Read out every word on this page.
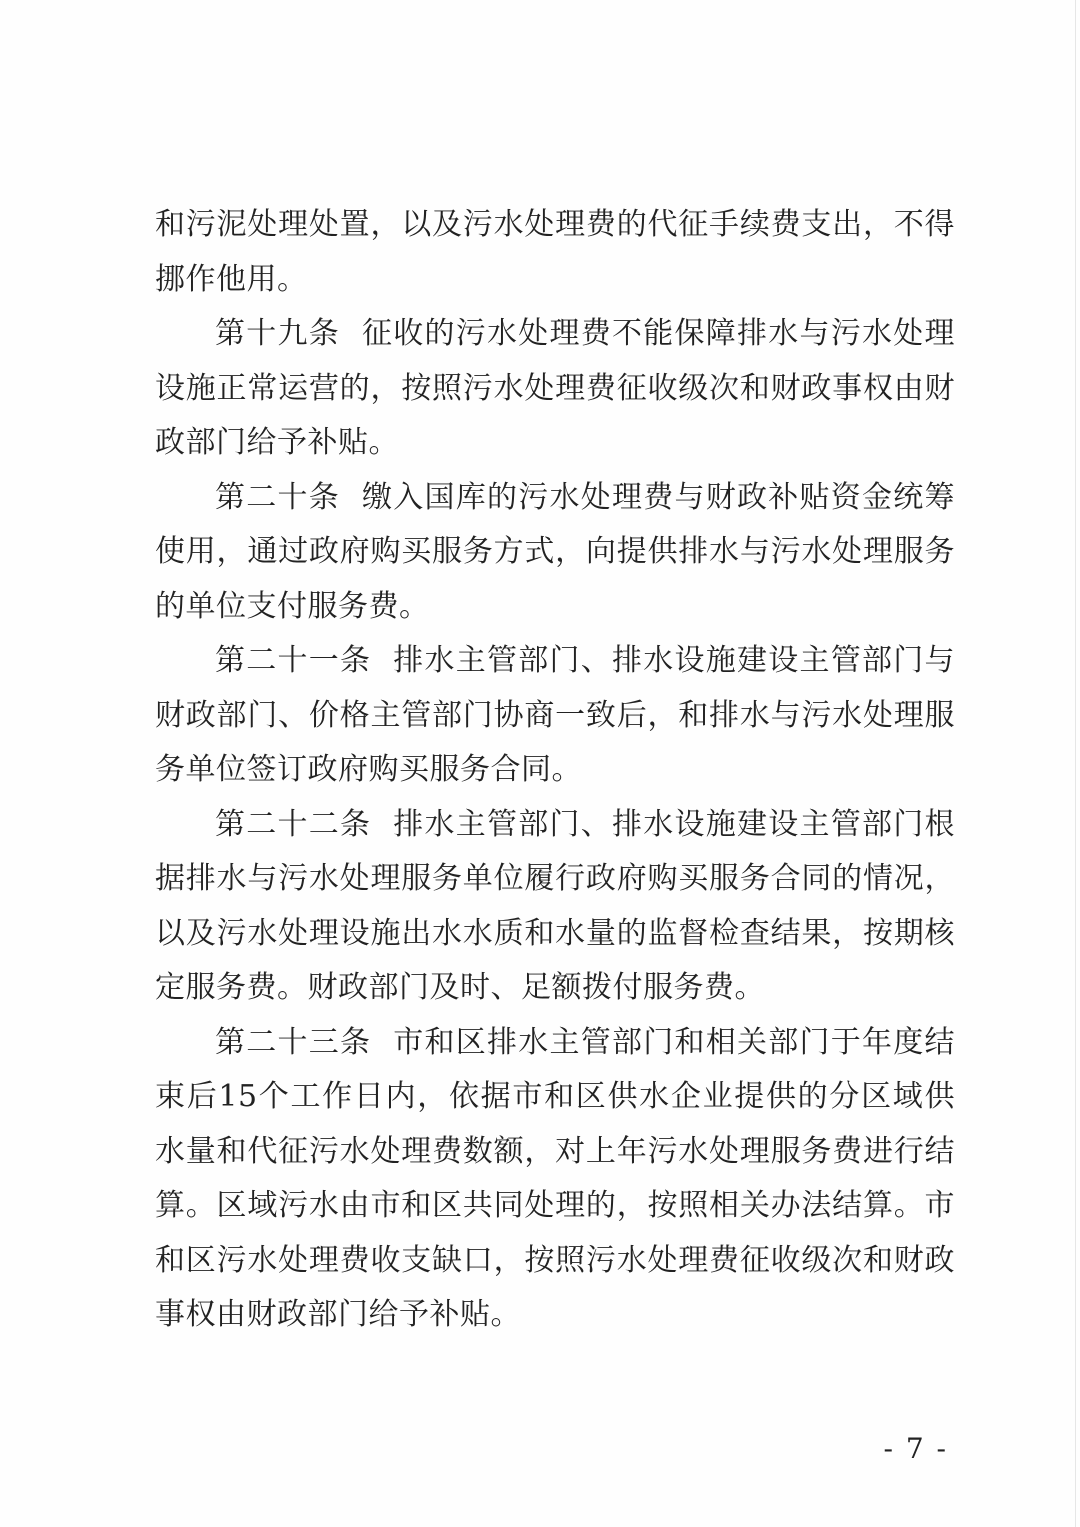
和污泥处理处置，以及污水处理费的代征手续费支出，不得挪作他用。

第十九条 征收的污水处理费不能保障排水与污水处理设施正常运营的，按照污水处理费征收级次和财政事权由财政部门给予补贴。

第二十条 缴入国库的污水处理费与财政补贴资金统筹使用，通过政府购买服务方式，向提供排水与污水处理服务的单位支付服务费。

第二十一条 排水主管部门、排水设施建设主管部门与财政部门、价格主管部门协商一致后，和排水与污水处理服务单位签订政府购买服务合同。

第二十二条 排水主管部门、排水设施建设主管部门根据排水与污水处理服务单位履行政府购买服务合同的情况，以及污水处理设施出水水质和水量的监督检查结果，按期核定服务费。财政部门及时、足额拨付服务费。

第二十三条 市和区排水主管部门和相关部门于年度结束后15个工作日内，依据市和区供水企业提供的分区域供水量和代征污水处理费数额，对上年污水处理服务费进行结算。区域污水由市和区共同处理的，按照相关办法结算。市和区污水处理费收支缺口，按照污水处理费征收级次和财政事权由财政部门给予补贴。

- 7 -
